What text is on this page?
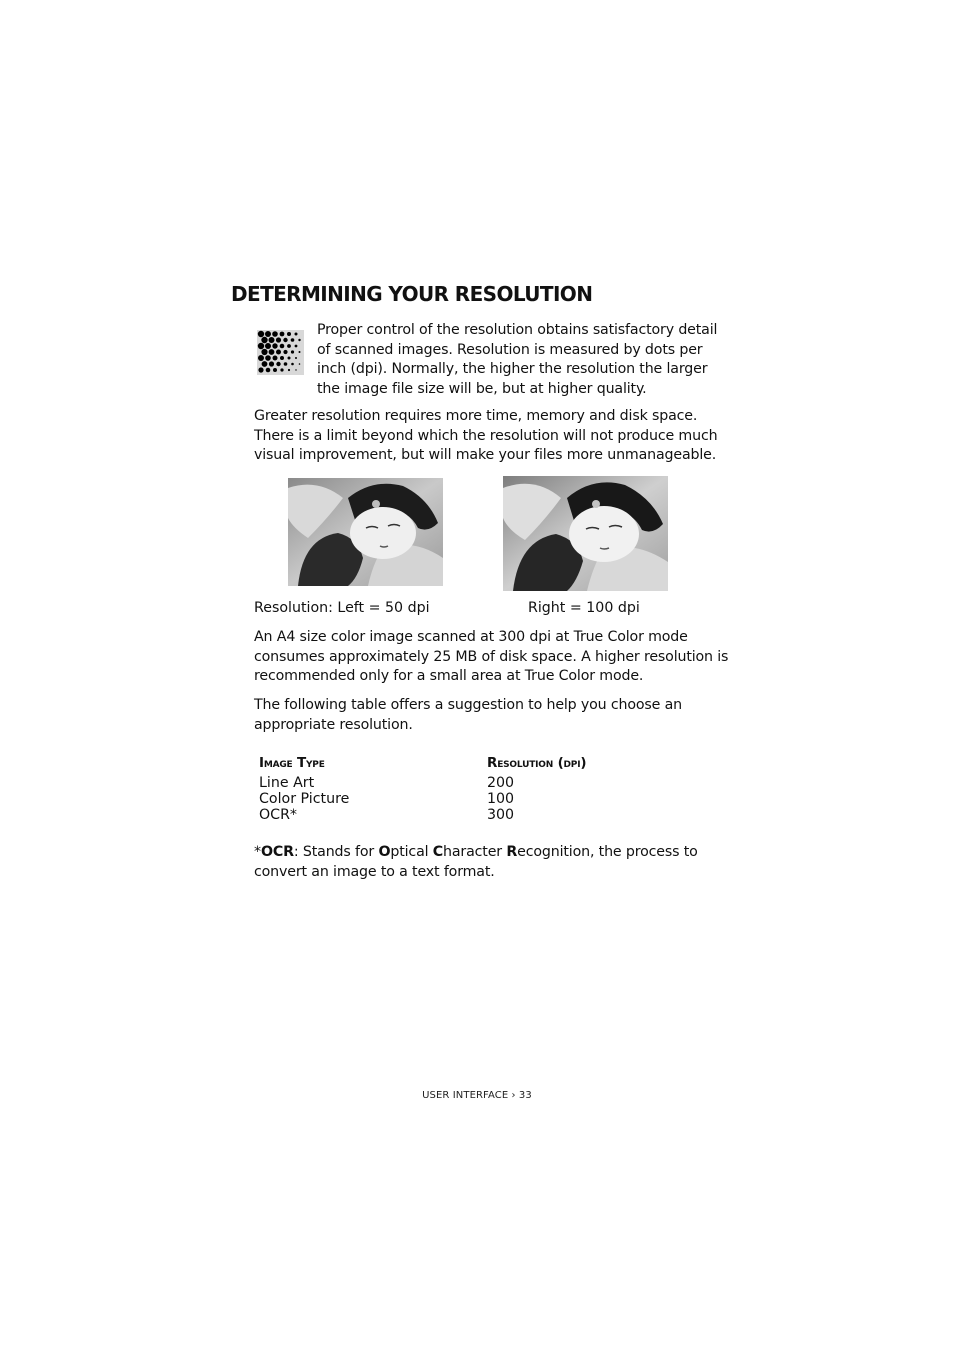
DETERMINING YOUR RESOLUTION

Proper control of the resolution obtains satisfactory detail of scanned images. Resolution is measured by dots per inch (dpi). Normally, the higher the resolution the larger the image file size will be, but at higher quality.

Greater resolution requires more time, memory and disk space. There is a limit beyond which the resolution will not produce much visual improvement, but will make your files more unmanageable.

Resolution: Left = 50 dpi	Right = 100 dpi

An A4 size color image scanned at 300 dpi at True Color mode consumes approximately 25 MB of disk space. A higher resolution is recommended only for a small area at True Color mode.

The following table offers a suggestion to help you choose an appropriate resolution.

Image Type	Resolution (dpi)
Line Art	200
Color Picture	100
OCR*	300

*OCR: Stands for Optical Character Recognition, the process to convert an image to a text format.

USER INTERFACE › 33
